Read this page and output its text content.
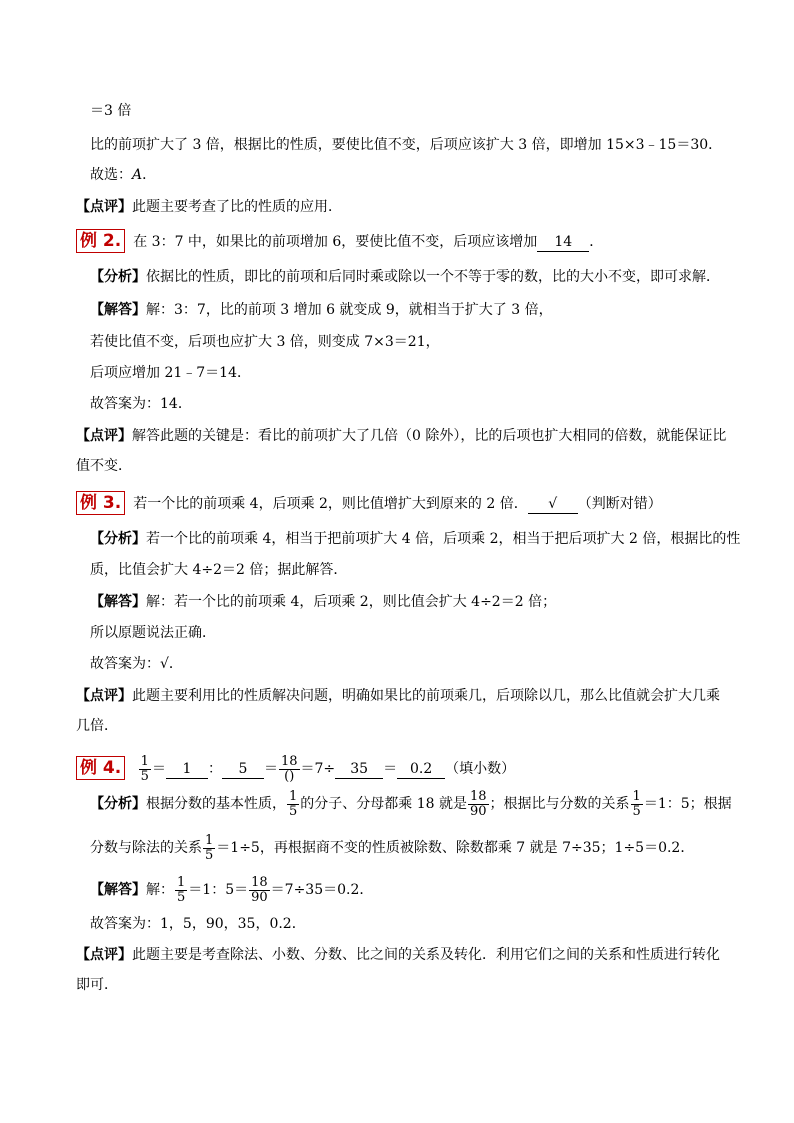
＝3 倍
比的前项扩大了 3 倍，根据比的性质，要使比值不变，后项应该扩大 3 倍，即增加 15×3﹣15＝30．
故选：A．
【点评】此题主要考查了比的性质的应用．
例 2. 在 3：7 中，如果比的前项增加 6，要使比值不变，后项应该增加 14 ．
【分析】依据比的性质，即比的前项和后同时乘或除以一个不等于零的数，比的大小不变，即可求解．
【解答】解：3：7，比的前项 3 增加 6 就变成 9，就相当于扩大了 3 倍，
若使比值不变，后项也应扩大 3 倍，则变成 7×3＝21，
后项应增加 21﹣7＝14．
故答案为：14．
【点评】解答此题的关键是：看比的前项扩大了几倍（0 除外），比的后项也扩大相同的倍数，就能保证比
值不变．
例 3. 若一个比的前项乘 4，后项乘 2，则比值增扩大到原来的 2 倍． √ （判断对错）
【分析】若一个比的前项乘 4，相当于把前项扩大 4 倍，后项乘 2，相当于把后项扩大 2 倍，根据比的性
质，比值会扩大 4÷2＝2 倍；据此解答．
【解答】解：若一个比的前项乘 4，后项乘 2，则比值会扩大 4÷2＝2 倍；
所以原题说法正确．
故答案为：√．
【点评】此题主要利用比的性质解决问题，明确如果比的前项乘几，后项除以几，那么比值就会扩大几乘
几倍．
例 4. $\frac{1}{5} = 1$ ： $5 = \frac{18}{()} =7\div 35 = 0.2$ （填小数）
【分析】根据分数的基本性质， $\frac{1}{5}$ 的分子、分母都乘 18 就是 $\frac{18}{90}$ ；根据比与分数的关系 $\frac{1}{5} =1$：5；根据
分数与除法的关系 $\frac{1}{5} =1\div 5$，再根据商不变的性质被除数、除数都乘 7 就是 7÷35；1÷5＝0.2．
【解答】解： $\frac{1}{5} =1$：$5= \frac{18}{90} =7\div 35=0.2$．
故答案为：1，5，90，35，0.2．
【点评】此题主要是考查除法、小数、分数、比之间的关系及转化．利用它们之间的关系和性质进行转化
即可．
